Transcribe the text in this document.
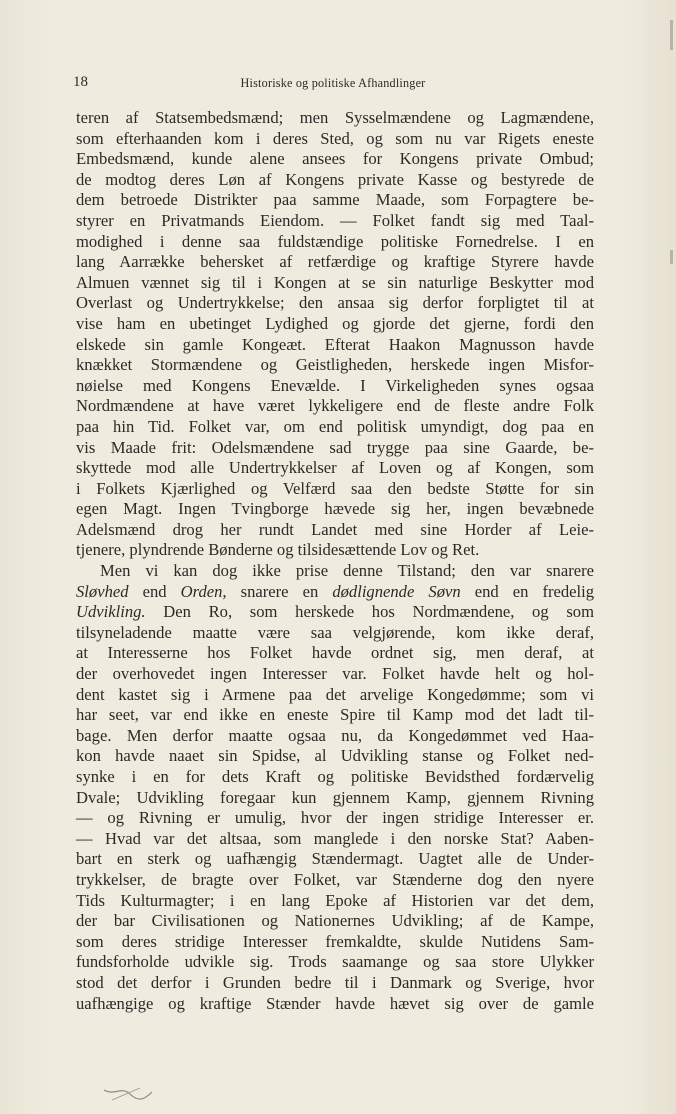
18	Historiske og politiske Afhandlinger
teren af Statsembedsmænd; men Sysselmændene og Lagmændene,
som efterhaanden kom i deres Sted, og som nu var Rigets eneste
Embedsmænd, kunde alene ansees for Kongens private Ombud;
de modtog deres Løn af Kongens private Kasse og bestyrede de
dem betroede Distrikter paa samme Maade, som Forpagtere be-
styrer en Privatmands Eiendom. — Folket fandt sig med Taal-
modighed i denne saa fuldstændige politiske Fornedrelse. I en
lang Aarrække behersket af retfærdige og kraftige Styrere havde
Almuen vænnet sig til i Kongen at se sin naturlige Beskytter mod
Overlast og Undertrykkelse; den ansaa sig derfor forpligtet til at
vise ham en ubetinget Lydighed og gjorde det gjerne, fordi den
elskede sin gamle Kongeæt. Efterat Haakon Magnusson havde
knækket Stormændene og Geistligheden, herskede ingen Misfor-
nøielse med Kongens Enevælde. I Virkeligheden synes ogsaa
Nordmændene at have været lykkeligere end de fleste andre Folk
paa hin Tid. Folket var, om end politisk umyndigt, dog paa en
vis Maade frit: Odelsmændene sad trygge paa sine Gaarde, be-
skyttede mod alle Undertrykkelser af Loven og af Kongen, som
i Folkets Kjærlighed og Velfærd saa den bedste Støtte for sin
egen Magt. Ingen Tvingborge hævede sig her, ingen bevæbnede
Adelsmænd drog her rundt Landet med sine Horder af Leie-
tjenere, plyndrende Bønderne og tilsidesættende Lov og Ret.
Men vi kan dog ikke prise denne Tilstand; den var snarere
Sløvhed end Orden, snarere en dødlignende Søvn end en fredelig
Udvikling. Den Ro, som herskede hos Nordmændene, og som
tilsyneladende maatte være saa velgjørende, kom ikke deraf,
at Interesserne hos Folket havde ordnet sig, men deraf, at
der overhovedet ingen Interesser var. Folket havde helt og hol-
dent kastet sig i Armene paa det arvelige Kongedømme; som vi
har seet, var end ikke en eneste Spire til Kamp mod det ladt til-
bage. Men derfor maatte ogsaa nu, da Kongedømmet ved Haa-
kon havde naaet sin Spidse, al Udvikling stanse og Folket ned-
synke i en for dets Kraft og politiske Bevidsthed fordærvelig
Dvale; Udvikling foregaar kun gjennem Kamp, gjennem Rivning
— og Rivning er umulig, hvor der ingen stridige Interesser er.
— Hvad var det altsaa, som manglede i den norske Stat? Aaben-
bart en sterk og uafhængig Stændermagt. Uagtet alle de Under-
trykkelser, de bragte over Folket, var Stænderne dog den nyere
Tids Kulturmagter; i en lang Epoke af Historien var det dem,
der bar Civilisationen og Nationernes Udvikling; af de Kampe,
som deres stridige Interesser fremkaldte, skulde Nutidens Sam-
fundsforholde udvikle sig. Trods saamange og saa store Ulykker
stod det derfor i Grunden bedre til i Danmark og Sverige, hvor
uafhængige og kraftige Stænder havde hævet sig over de gamle
